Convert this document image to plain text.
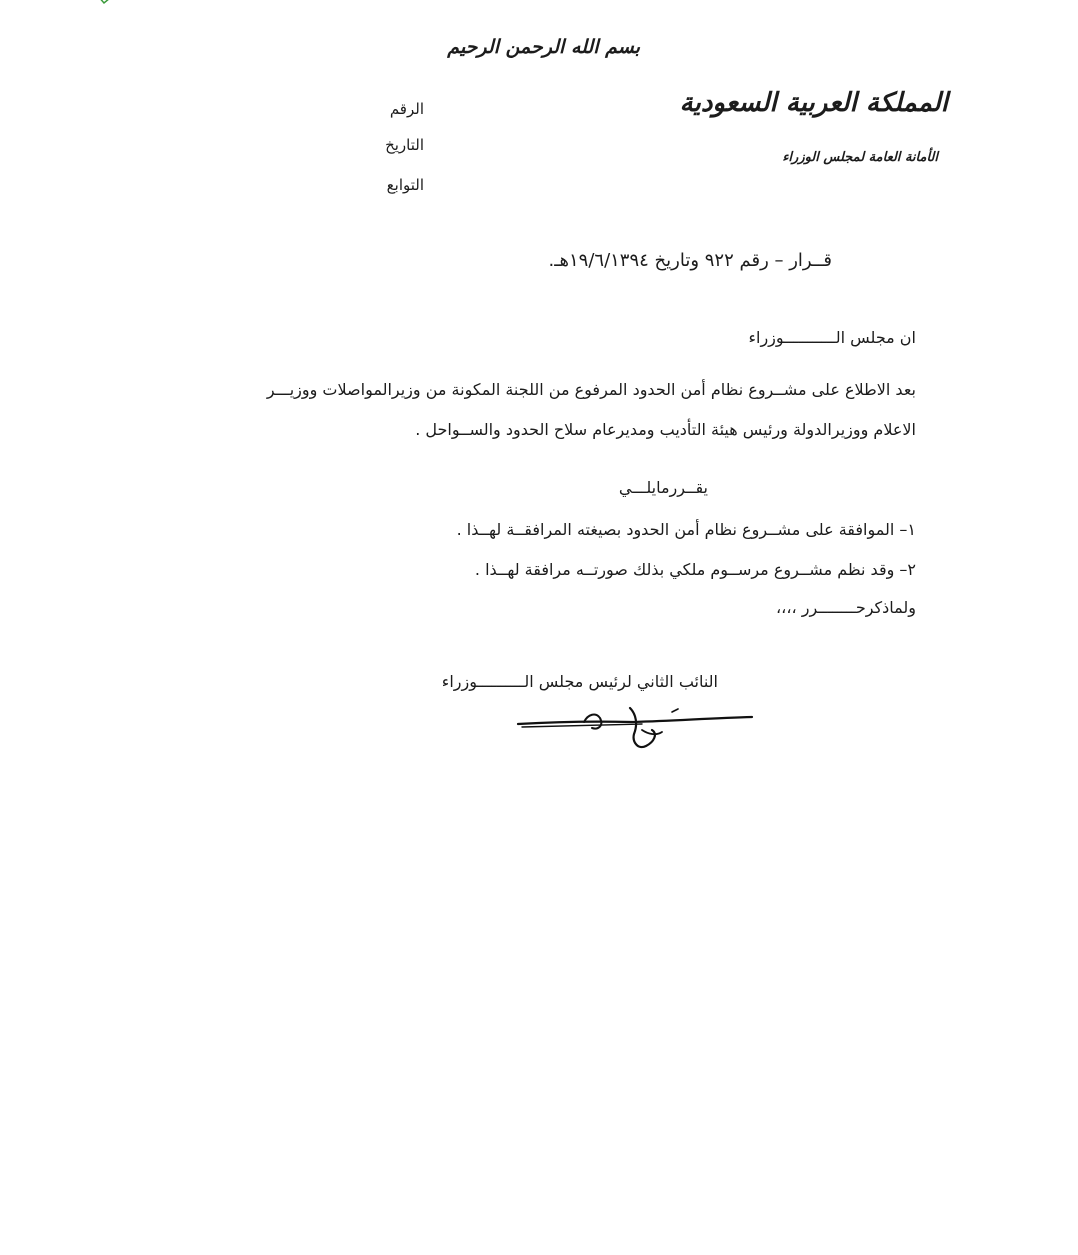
بسم الله الرحمن الرحيم
المملكة العربية السعودية
الأمانة العامة لمجلس الوزراء
الرقم
التاريخ
التوابع
قــرار – رقم ٩٢٢ وتاريخ ١٩/٦/١٣٩٤هـ.
ان مجلس الـــــــــــوزراء
بعد الاطلاع على مشــروع نظام أمن الحدود المرفوع من اللجنة المكونة من وزيرالمواصلات ووزيـــر
الاعلام ووزيرالدولة ورئيس هيئة التأديب ومديرعام سلاح الحدود والســواحل .
يقــررمايلـــي
١– الموافقة على مشــروع نظام أمن الحدود بصيغته المرافقــة لهــذا .
٢– وقد نظم مشــروع مرســوم ملكي بذلك صورتــه مرافقة لهــذا .
ولماذكرحــــــــرر ،،،،
النائب الثاني لرئيس مجلس الــــــــــوزراء
